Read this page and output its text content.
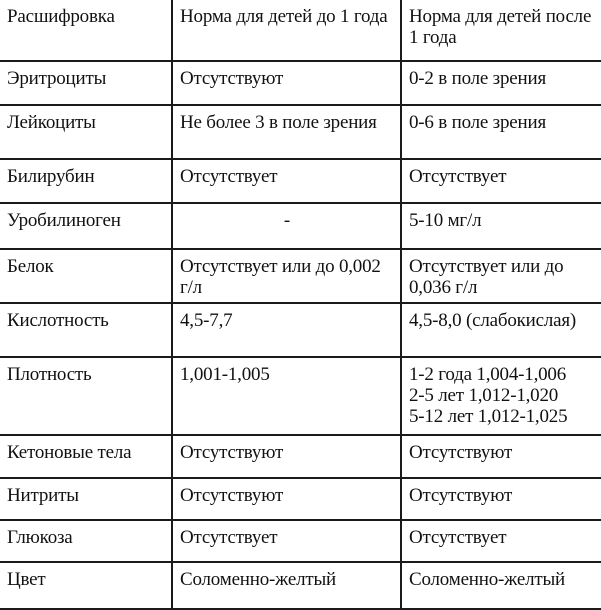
Расшифровка	Норма для детей до 1 года	Норма для детей после 1 года
Эритроциты	Отсутствуют	0-2 в поле зрения
Лейкоциты	Не более 3 в поле зрения	0-6 в поле зрения
Билирубин	Отсутствует	Отсутствует
Уробилиноген	-	5-10 мг/л
Белок	Отсутствует или до 0,002 г/л	Отсутствует или до 0,036 г/л
Кислотность	4,5-7,7	4,5-8,0 (слабокислая)
Плотность	1,001-1,005	1-2 года 1,004-1,006
2-5 лет 1,012-1,020
5-12 лет 1,012-1,025

Кетоновые тела	Отсутствуют	Отсутствуют
Нитриты	Отсутствуют	Отсутствуют
Глюкоза	Отсутствует	Отсутствует
Цвет	Соломенно-желтый	Соломенно-желтый
